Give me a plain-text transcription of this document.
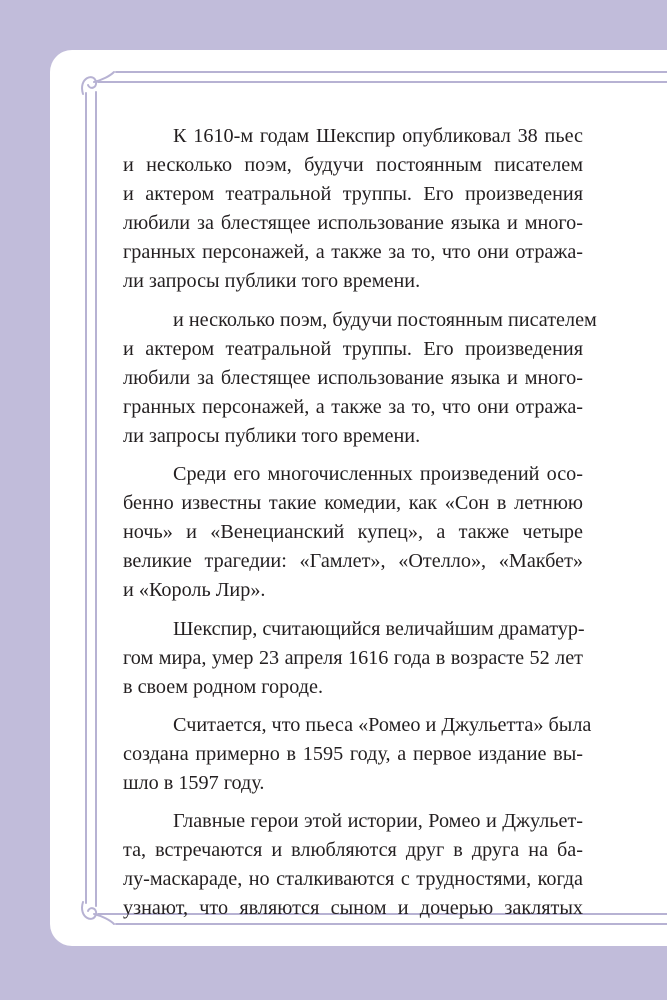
К 1610-м годам Шекспир опубликовал 38 пьес
и несколько поэм, будучи постоянным писателем
и актером театральной труппы. Его произведения
любили за блестящее использование языка и много-
гранных персонажей, а также за то, что они отража-
ли запросы публики того времени.

и несколько поэм, будучи постоянным писателем
и актером театральной труппы. Его произведения
любили за блестящее использование языка и много-
гранных персонажей, а также за то, что они отража-
ли запросы публики того времени.

Среди его многочисленных произведений осо-
бенно известны такие комедии, как «Сон в летнюю
ночь» и «Венецианский купец», а также четыре
великие трагедии: «Гамлет», «Отелло», «Макбет»
и «Король Лир».

Шекспир, считающийся величайшим драматур-
гом мира, умер 23 апреля 1616 года в возрасте 52 лет
в своем родном городе.

Считается, что пьеса «Ромео и Джульетта» была
создана примерно в 1595 году, а первое издание вы-
шло в 1597 году.

Главные герои этой истории, Ромео и Джульет-
та, встречаются и влюбляются друг в друга на ба-
лу-маскараде, но сталкиваются с трудностями, когда
узнают, что являются сыном и дочерью заклятых
